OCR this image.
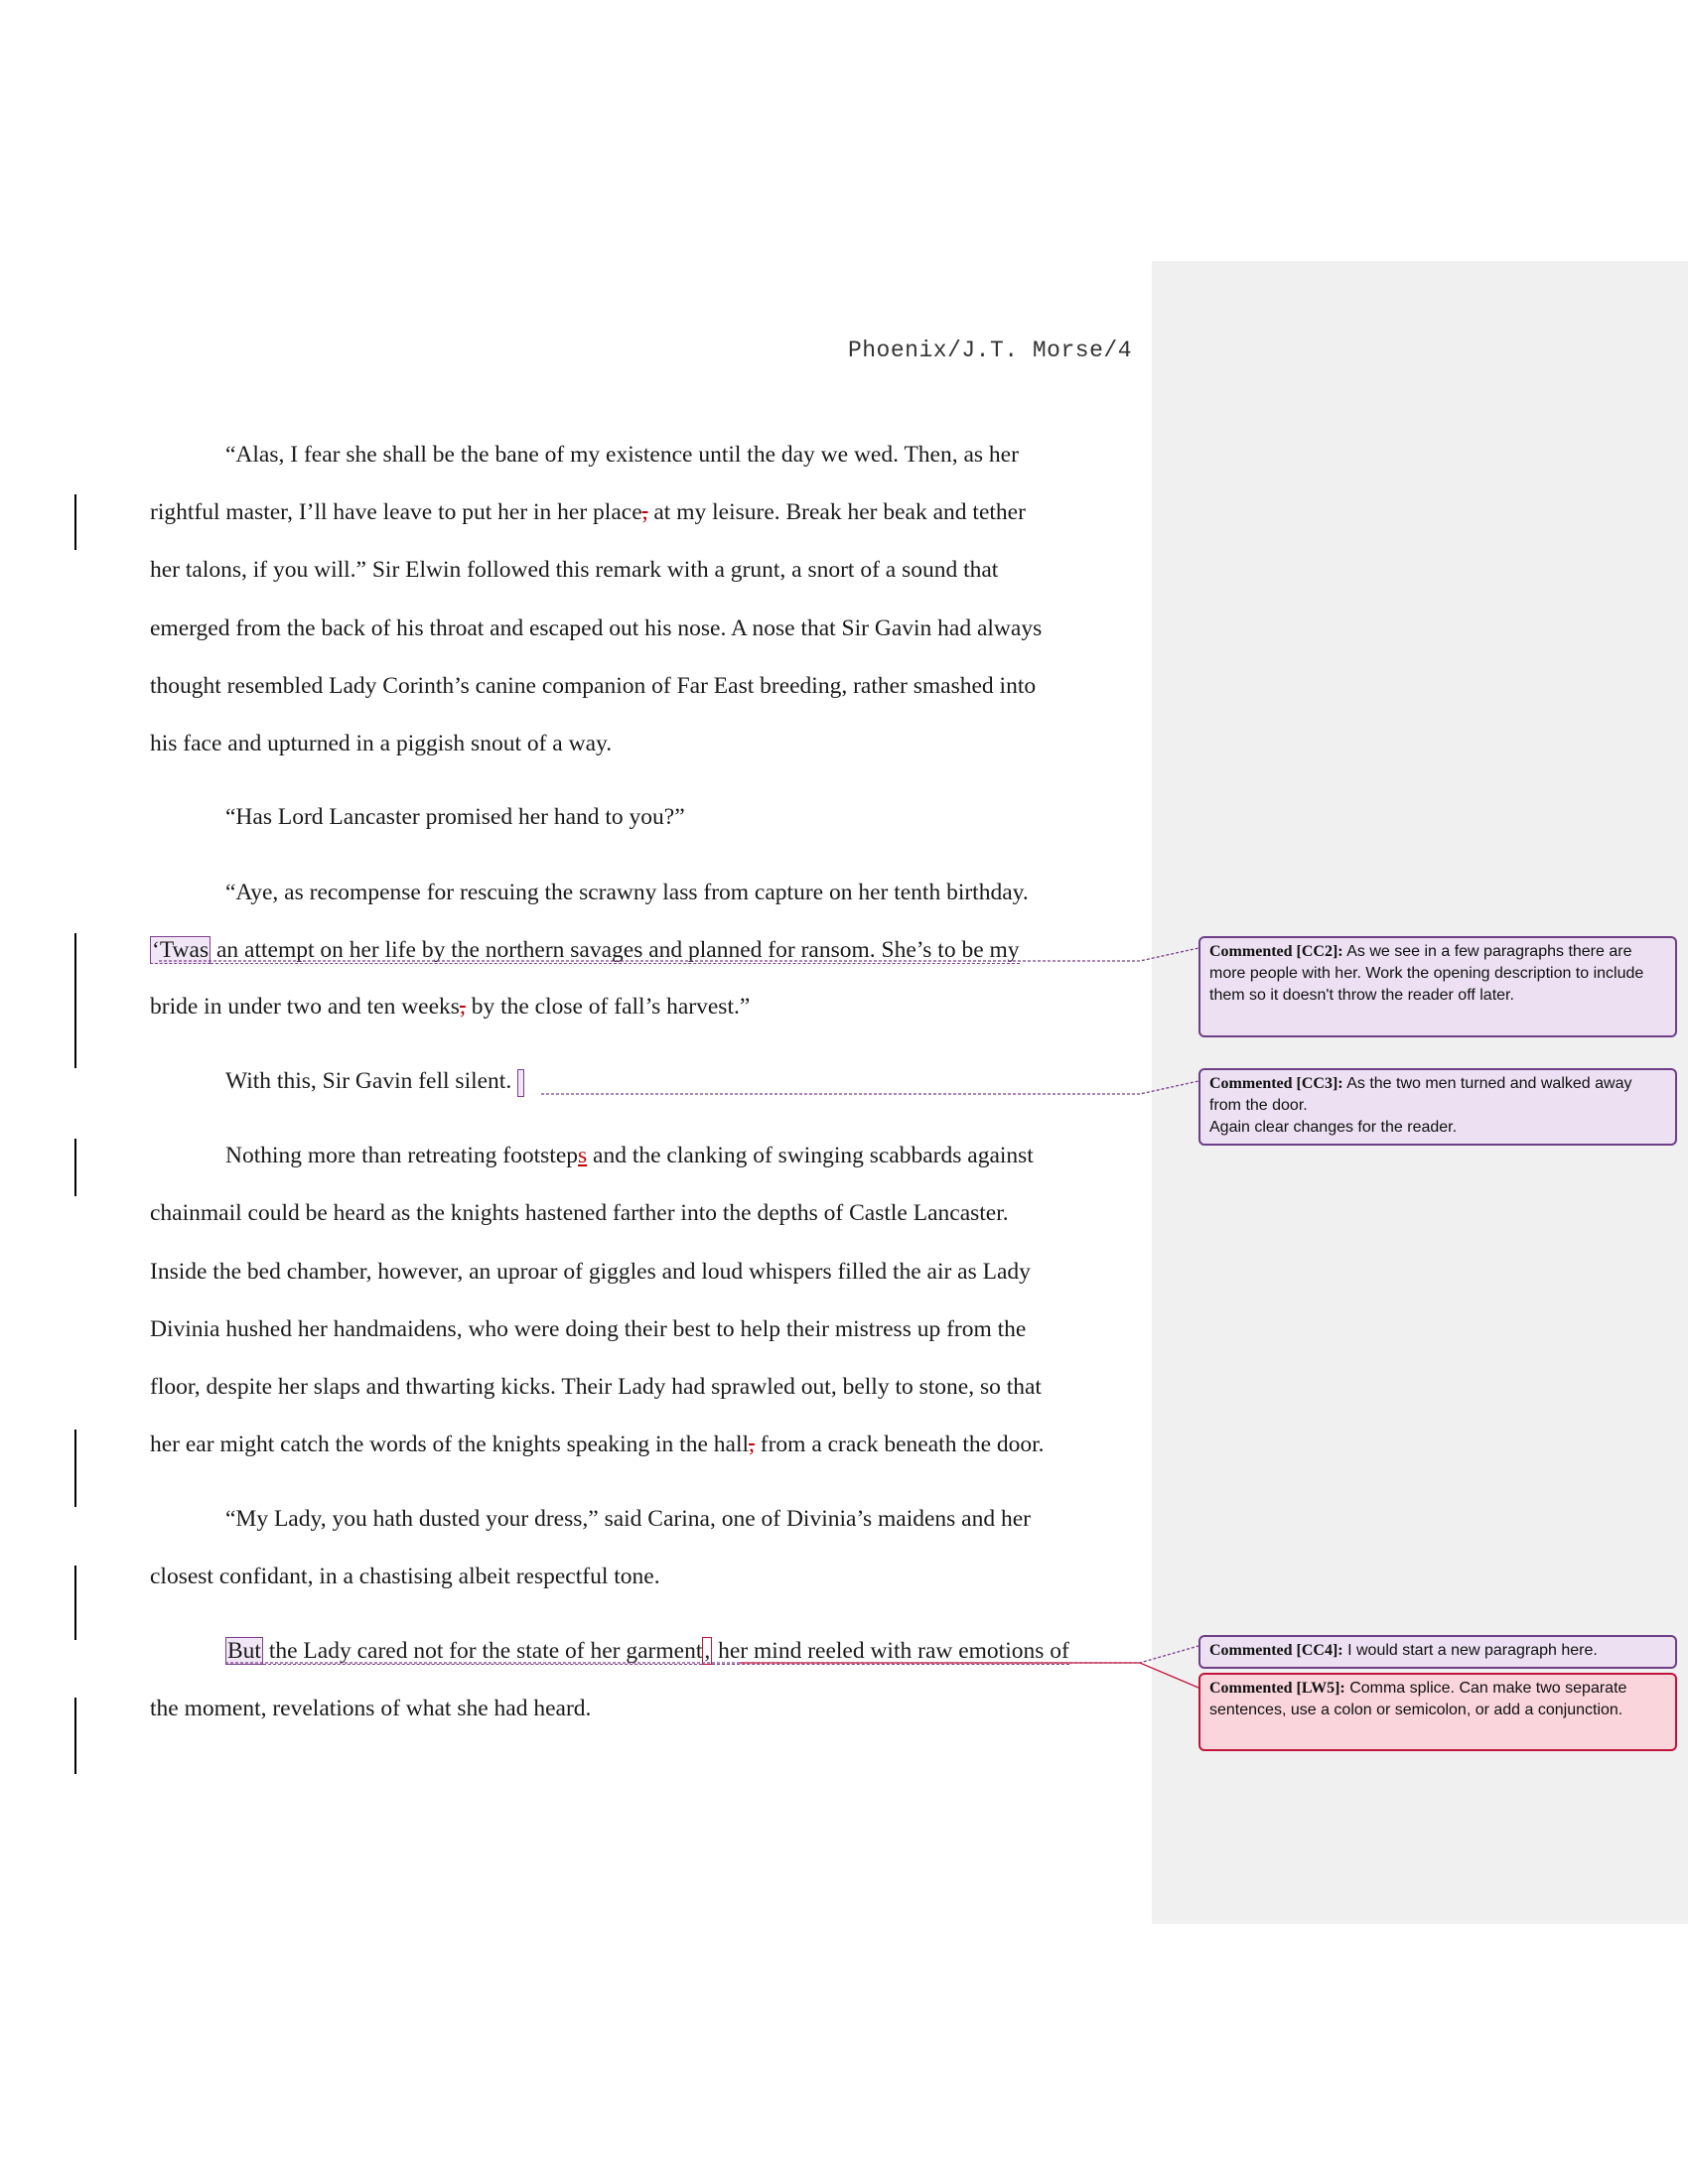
Phoenix/J.T. Morse/4
“Alas, I fear she shall be the bane of my existence until the day we wed. Then, as her
rightful master, I’ll have leave to put her in her place, at my leisure. Break her beak and tether
her talons, if you will.” Sir Elwin followed this remark with a grunt, a snort of a sound that
emerged from the back of his throat and escaped out his nose. A nose that Sir Gavin had always
thought resembled Lady Corinth’s canine companion of Far East breeding, rather smashed into
his face and upturned in a piggish snout of a way.
“Has Lord Lancaster promised her hand to you?”
“Aye, as recompense for rescuing the scrawny lass from capture on her tenth birthday.
‘Twas an attempt on her life by the northern savages and planned for ransom. She’s to be my
bride in under two and ten weeks, by the close of fall’s harvest.”
With this, Sir Gavin fell silent.
Nothing more than retreating footsteps and the clanking of swinging scabbards against
chainmail could be heard as the knights hastened farther into the depths of Castle Lancaster.
Inside the bed chamber, however, an uproar of giggles and loud whispers filled the air as Lady
Divinia hushed her handmaidens, who were doing their best to help their mistress up from the
floor, despite her slaps and thwarting kicks. Their Lady had sprawled out, belly to stone, so that
her ear might catch the words of the knights speaking in the hall, from a crack beneath the door.
“My Lady, you hath dusted your dress,” said Carina, one of Divinia’s maidens and her
closest confidant, in a chastising albeit respectful tone.
But the Lady cared not for the state of her garment, her mind reeled with raw emotions of
the moment, revelations of what she had heard.
Commented [CC2]: As we see in a few paragraphs there are more people with her. Work the opening description to include them so it doesn't throw the reader off later.
Commented [CC3]: As the two men turned and walked away from the door.
Again clear changes for the reader.
Commented [CC4]: I would start a new paragraph here.
Commented [LW5]: Comma splice. Can make two separate sentences, use a colon or semicolon, or add a conjunction.
